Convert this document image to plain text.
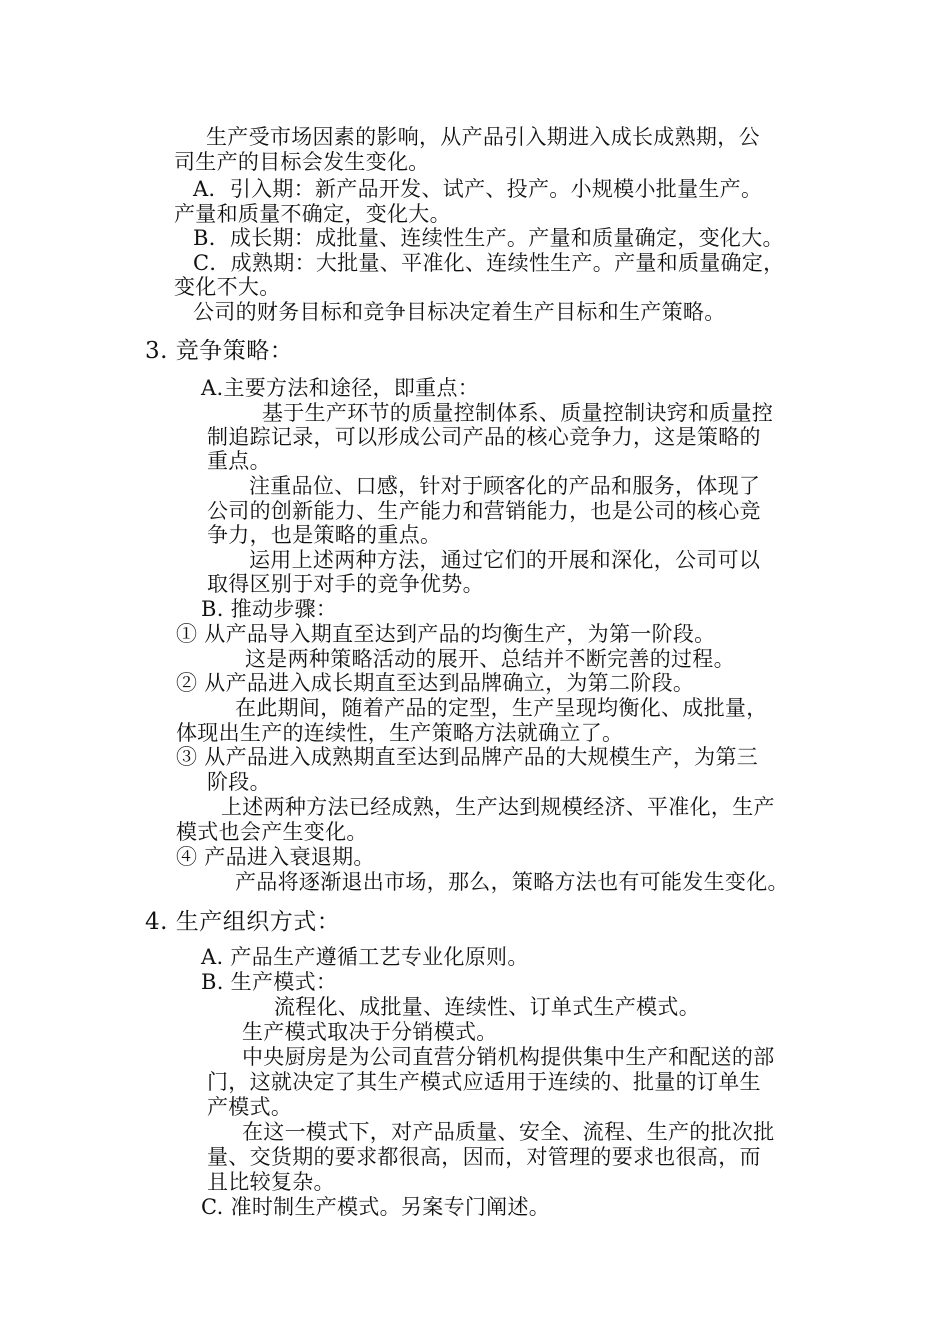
生产受市场因素的影响，从产品引入期进入成长成熟期，公
司生产的目标会发生变化。
A．引入期：新产品开发、试产、投产。小规模小批量生产。
产量和质量不确定，变化大。
B．成长期：成批量、连续性生产。产量和质量确定，变化大。
C．成熟期：大批量、平准化、连续性生产。产量和质量确定，
变化不大。
公司的财务目标和竞争目标决定着生产目标和生产策略。
3. 竞争策略：
A.主要方法和途径，即重点：
基于生产环节的质量控制体系、质量控制诀窍和质量控
制追踪记录，可以形成公司产品的核心竞争力，这是策略的
重点。
注重品位、口感，针对于顾客化的产品和服务，体现了
公司的创新能力、生产能力和营销能力，也是公司的核心竞
争力，也是策略的重点。
运用上述两种方法，通过它们的开展和深化，公司可以
取得区别于对手的竞争优势。
B. 推动步骤：
① 从产品导入期直至达到产品的均衡生产，为第一阶段。
这是两种策略活动的展开、总结并不断完善的过程。
② 从产品进入成长期直至达到品牌确立，为第二阶段。
在此期间，随着产品的定型，生产呈现均衡化、成批量，
体现出生产的连续性，生产策略方法就确立了。
③ 从产品进入成熟期直至达到品牌产品的大规模生产，为第三
阶段。
上述两种方法已经成熟，生产达到规模经济、平准化，生产
模式也会产生变化。
④ 产品进入衰退期。
产品将逐渐退出市场，那么，策略方法也有可能发生变化。
4. 生产组织方式：
A. 产品生产遵循工艺专业化原则。
B. 生产模式：
流程化、成批量、连续性、订单式生产模式。
生产模式取决于分销模式。
中央厨房是为公司直营分销机构提供集中生产和配送的部
门，这就决定了其生产模式应适用于连续的、批量的订单生
产模式。
在这一模式下，对产品质量、安全、流程、生产的批次批
量、交货期的要求都很高，因而，对管理的要求也很高，而
且比较复杂。
C. 准时制生产模式。另案专门阐述。
